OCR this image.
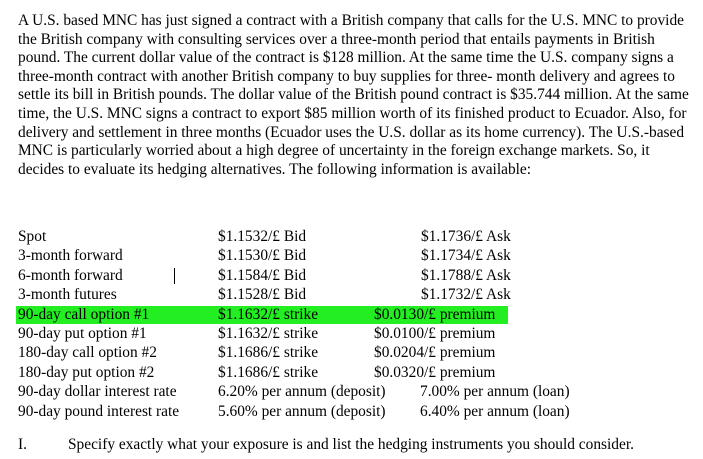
A U.S. based MNC has just signed a contract with a British company that calls for the U.S. MNC to provide the British company with consulting services over a three-month period that entails payments in British pound. The current dollar value of the contract is $128 million. At the same time the U.S. company signs a three-month contract with another British company to buy supplies for three- month delivery and agrees to settle its bill in British pounds. The dollar value of the British pound contract is $35.744 million. At the same time, the U.S. MNC signs a contract to export $85 million worth of its finished product to Ecuador. Also, for delivery and settlement in three months (Ecuador uses the U.S. dollar as its home currency). The U.S.-based MNC is particularly worried about a high degree of uncertainty in the foreign exchange markets. So, it decides to evaluate its hedging alternatives. The following information is available:

Spot	$1.1532/£ Bid	$1.1736/£ Ask
3-month forward	$1.1530/£ Bid	$1.1734/£ Ask
6-month forward	$1.1584/£ Bid	$1.1788/£ Ask
3-month futures	$1.1528/£ Bid	$1.1732/£ Ask
90-day call option #1	$1.1632/£ strike	$0.0130/£ premium
90-day put option #1	$1.1632/£ strike	$0.0100/£ premium
180-day call option #2	$1.1686/£ strike	$0.0204/£ premium
180-day put option #2	$1.1686/£ strike	$0.0320/£ premium
90-day dollar interest rate	6.20% per annum (deposit) 7.00% per annum (loan)
90-day pound interest rate	5.60% per annum (deposit) 6.40% per annum (loan)
I.	Specify exactly what your exposure is and list the hedging instruments you should consider.
